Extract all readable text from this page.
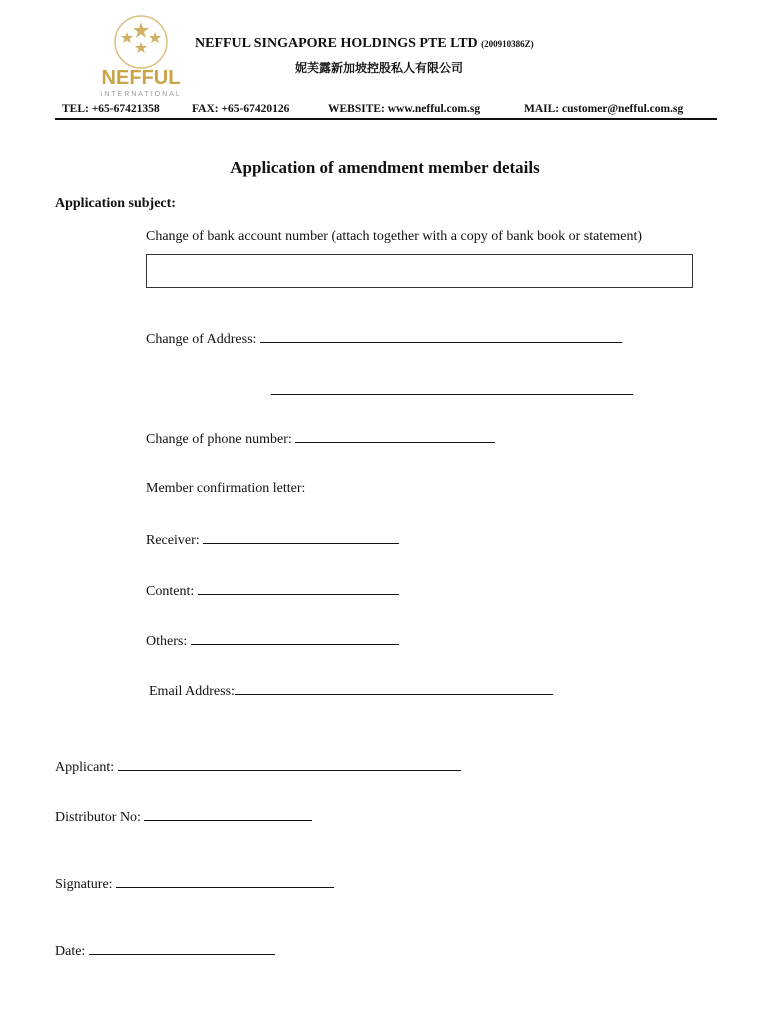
NEFFUL
INTERNATIONAL
NEFFUL SINGAPORE HOLDINGS PTE LTD (200910386Z)
妮芙露新加坡控股私人有限公司
TEL: +65-67421358	FAX: +65-67420126	WEBSITE: www.nefful.com.sg	MAIL: customer@nefful.com.sg
Application of amendment member details
Application subject:
Change of bank account number (attach together with a copy of bank book or statement)
Change of Address:
Change of phone number:
Member confirmation letter:
Receiver:
Content:
Others:
Email Address:
Applicant:
Distributor No:
Signature:
Date:
